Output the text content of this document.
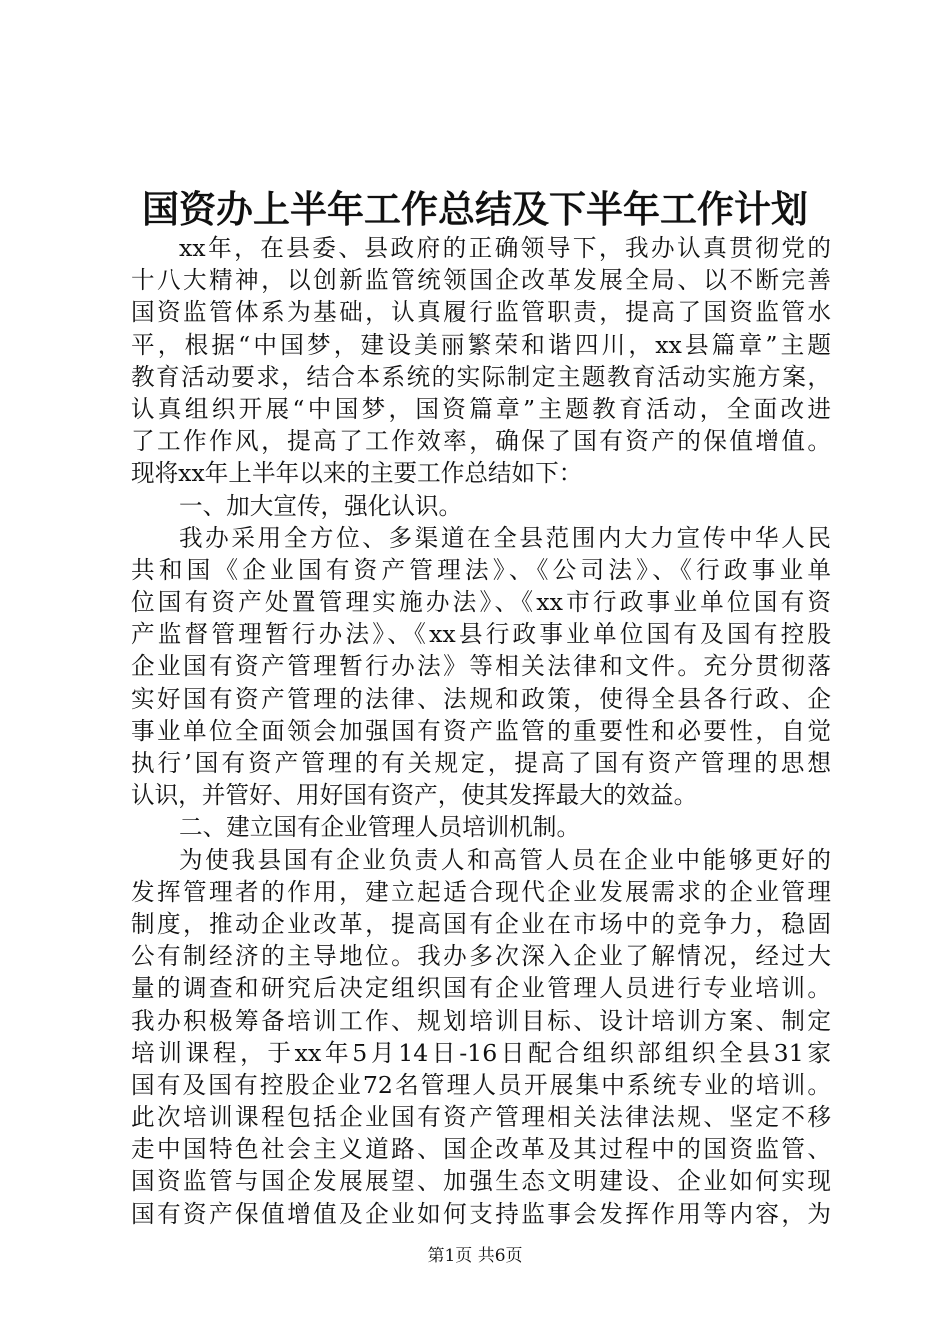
国资办上半年工作总结及下半年工作计划
xx年，在县委、县政府的正确领导下，我办认真贯彻党的
十八大精神，以创新监管统领国企改革发展全局、以不断完善
国资监管体系为基础，认真履行监管职责，提高了国资监管水
平，根据“中国梦，建设美丽繁荣和谐四川，xx县篇章”主题
教育活动要求，结合本系统的实际制定主题教育活动实施方案，
认真组织开展“中国梦，国资篇章”主题教育活动，全面改进
了工作作风，提高了工作效率，确保了国有资产的保值增值。
现将xx年上半年以来的主要工作总结如下：
一、加大宣传，强化认识。
我办采用全方位、多渠道在全县范围内大力宣传中华人民
共和国《企业国有资产管理法》、《公司法》、《行政事业单
位国有资产处置管理实施办法》、《xx市行政事业单位国有资
产监督管理暂行办法》、《xx县行政事业单位国有及国有控股
企业国有资产管理暂行办法》等相关法律和文件。充分贯彻落
实好国有资产管理的法律、法规和政策，使得全县各行政、企
事业单位全面领会加强国有资产监管的重要性和必要性，自觉
执行’国有资产管理的有关规定，提高了国有资产管理的思想
认识，并管好、用好国有资产，使其发挥最大的效益。
二、建立国有企业管理人员培训机制。
为使我县国有企业负责人和高管人员在企业中能够更好的
发挥管理者的作用，建立起适合现代企业发展需求的企业管理
制度，推动企业改革，提高国有企业在市场中的竞争力，稳固
公有制经济的主导地位。我办多次深入企业了解情况，经过大
量的调查和研究后决定组织国有企业管理人员进行专业培训。
我办积极筹备培训工作、规划培训目标、设计培训方案、制定
培训课程，于xx年5月14日-16日配合组织部组织全县31家
国有及国有控股企业72名管理人员开展集中系统专业的培训。
此次培训课程包括企业国有资产管理相关法律法规、坚定不移
走中国特色社会主义道路、国企改革及其过程中的国资监管、
国资监管与国企发展展望、加强生态文明建设、企业如何实现
国有资产保值增值及企业如何支持监事会发挥作用等内容，为
第1页 共6页
